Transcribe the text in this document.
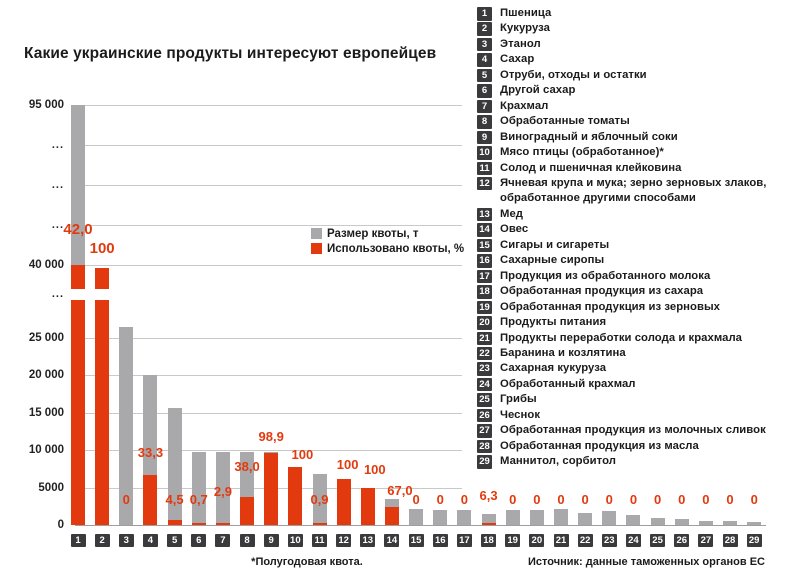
Какие украинские продукты интересуют европейцев
95 000
...
...
...
40 000
...
25 000
20 000
15 000
10 000
5000
0
42,0
1
100
2
0
3
33,3
4
4,5
5
0,7
6
2,9
7
38,0
8
98,9
9
100
10
0,9
11
100
12
100
13
67,0
14
0
15
0
16
0
17
6,3
18
0
19
0
20
0
21
0
22
0
23
0
24
0
25
0
26
0
27
0
28
0
29
Размер квоты, т
Использовано квоты, %
1	Пшеница
2	Кукуруза
3	Этанол
4	Сахар
5	Отруби, отходы и остатки
6	Другой сахар
7	Крахмал
8	Обработанные томаты
9	Виноградный и яблочный соки
10 Мясо птицы (обработанное)*
11 Солод и пшеничная клейковина
12 Ячневая крупа и мука; зерно зерновых злаков, обработанное другими способами
13 Мед
14 Овес
15 Сигары и сигареты
16 Сахарные сиропы
17 Продукция из обработанного молока
18 Обработанная продукция из сахара
19 Обработанная продукция из зерновых
20 Продукты питания
21 Продукты переработки солода и крахмала
22 Баранина и козлятина
23 Сахарная кукуруза
24 Обработанный крахмал
25 Грибы
26 Чеснок
27 Обработанная продукция из молочных сливок
28 Обработанная продукция из масла
29 Маннитол, сорбитол
*Полугодовая квота.	Источник: данные таможенных органов ЕС
